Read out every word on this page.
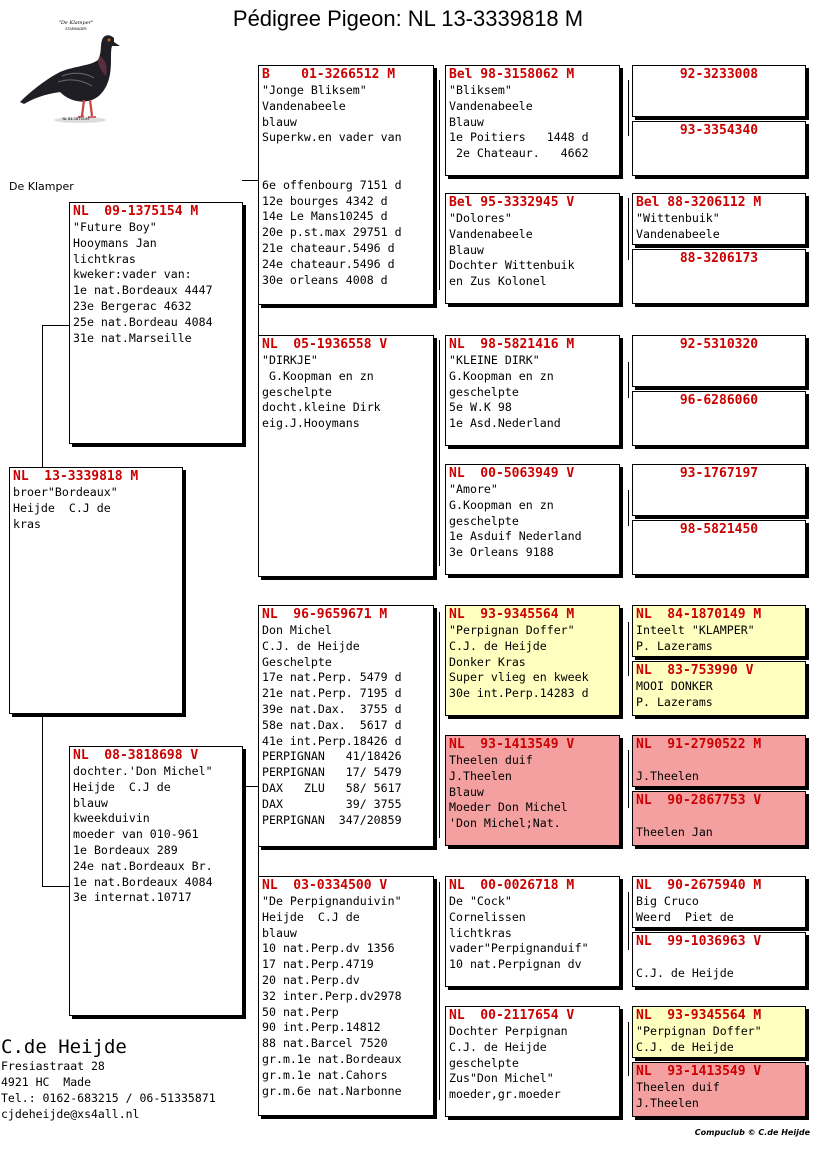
Pédigree Pigeon: NL 13-3339818 M
"De Klamper"
STAMVADER
NL 84-1870149
De Klamper
NL  13-3339818 M
broer"Bordeaux"
Heijde  C.J de
kras
NL  09-1375154 M
"Future Boy"
Hooymans Jan
lichtkras
kweker:vader van:
1e nat.Bordeaux 4447
23e Bergerac 4632
25e nat.Bordeau 4084
31e nat.Marseille
NL  08-3818698 V
dochter.'Don Michel"
Heijde  C.J de
blauw
kweekduivin
moeder van 010-961
1e Bordeaux 289
24e nat.Bordeaux Br.
1e nat.Bordeaux 4084
3e internat.10717
B    01-3266512 M
"Jonge Bliksem"
Vandenabeele
blauw
Superkw.en vader van

6e offenbourg 7151 d
12e bourges 4342 d
14e Le Mans10245 d
20e p.st.max 29751 d
21e chateaur.5496 d
24e chateaur.5496 d
30e orleans 4008 d
NL  05-1936558 V
"DIRKJE"
G.Koopman en zn
geschelpte
docht.kleine Dirk
eig.J.Hooymans
NL  96-9659671 M
Don Michel
C.J. de Heijde
Geschelpte
17e nat.Perp. 5479 d
21e nat.Perp. 7195 d
39e nat.Dax.  3755 d
58e nat.Dax.  5617 d
41e int.Perp.18426 d
PERPIGNAN   41/18426
PERPIGNAN   17/ 5479
DAX   ZLU   58/ 5617
DAX         39/ 3755
PERPIGNAN  347/20859
NL  03-0334500 V
"De Perpignanduivin"
Heijde  C.J de
blauw
10 nat.Perp.dv 1356
17 nat.Perp.4719
20 nat.Perp.dv
32 inter.Perp.dv2978
50 nat.Perp
90 int.Perp.14812
88 nat.Barcel 7520
gr.m.1e nat.Bordeaux
gr.m.1e nat.Cahors
gr.m.6e nat.Narbonne
Bel 98-3158062 M
"Bliksem"
Vandenabeele
Blauw
1e Poitiers   1448 d
2e Chateaur.   4662
Bel 95-3332945 V
"Dolores"
Vandenabeele
Blauw
Dochter Wittenbuik
en Zus Kolonel
NL  98-5821416 M
"KLEINE DIRK"
G.Koopman en zn
geschelpte
5e W.K 98
1e Asd.Nederland
NL  00-5063949 V
"Amore"
G.Koopman en zn
geschelpte
1e Asduif Nederland
3e Orleans 9188
NL  93-9345564 M
"Perpignan Doffer"
C.J. de Heijde
Donker Kras
Super vlieg en kweek
30e int.Perp.14283 d
NL  93-1413549 V
Theelen duif
J.Theelen
Blauw
Moeder Don Michel
'Don Michel;Nat.
NL  00-0026718 M
De "Cock"
Cornelissen
lichtkras
vader"Perpignanduif"
10 nat.Perpignan dv
NL  00-2117654 V
Dochter Perpignan
C.J. de Heijde
geschelpte
Zus"Don Michel"
moeder,gr.moeder
92-3233008
93-3354340
Bel 88-3206112 M
"Wittenbuik"
Vandenabeele
88-3206173
92-5310320
96-6286060
93-1767197
98-5821450
NL  84-1870149 M
Inteelt "KLAMPER"
P. Lazerams
NL  83-753990 V
MOOI DONKER
P. Lazerams
NL  91-2790522 M

J.Theelen
NL  90-2867753 V

Theelen Jan
NL  90-2675940 M
Big Cruco
Weerd  Piet de
NL  99-1036963 V

C.J. de Heijde
NL  93-9345564 M
"Perpignan Doffer"
C.J. de Heijde
NL  93-1413549 V
Theelen duif
J.Theelen
C.de Heijde
Fresiastraat 28
4921 HC  Made
Tel.: 0162-683215 / 06-51335871
cjdeheijde@xs4all.nl
Compuclub © C.de Heijde
